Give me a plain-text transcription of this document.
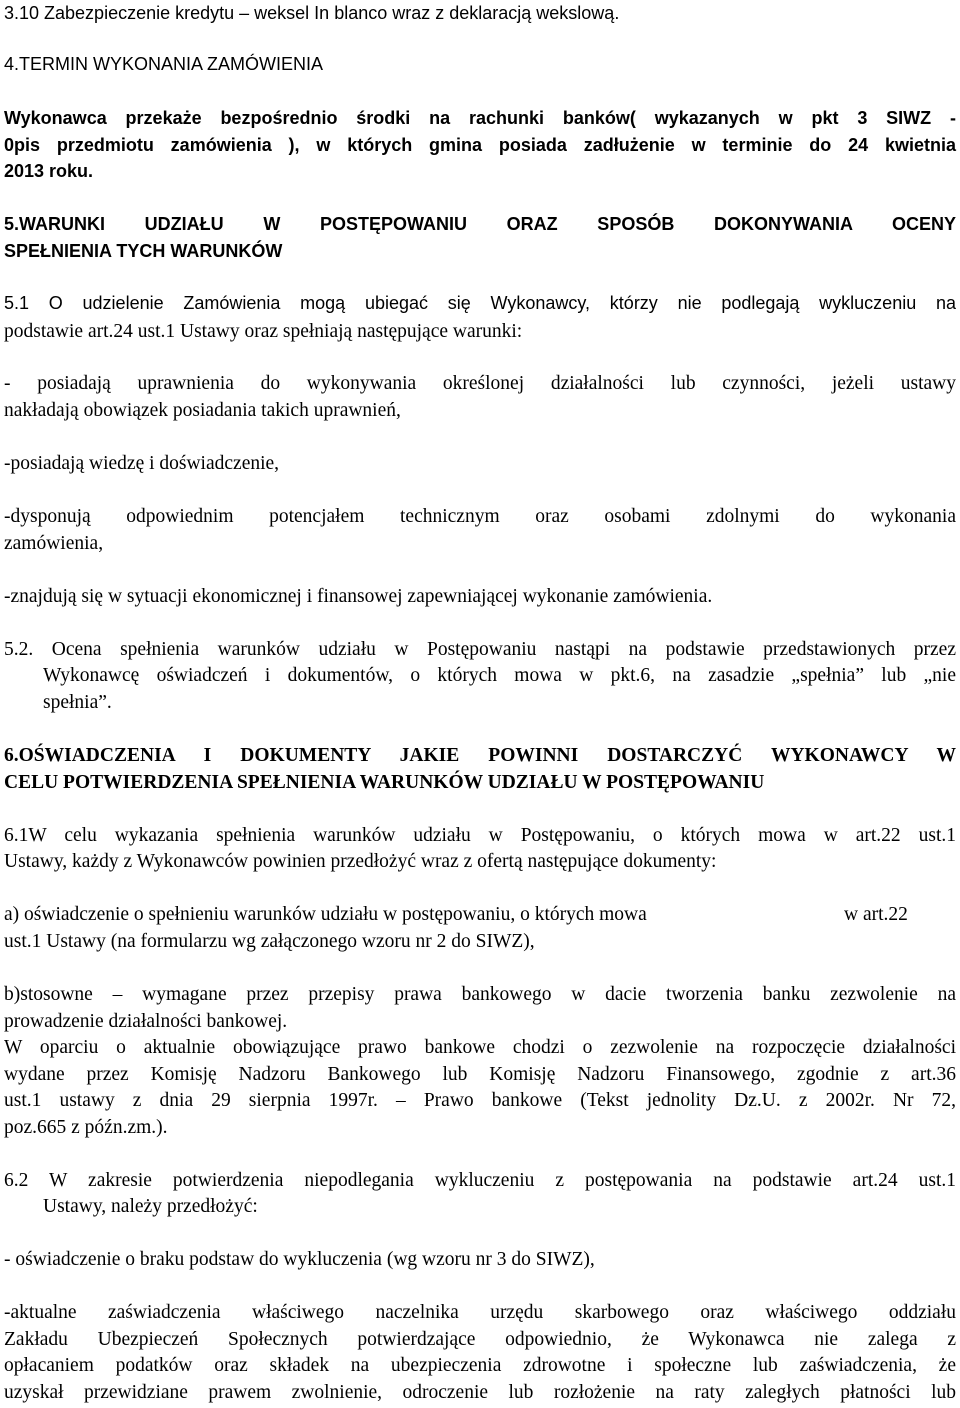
3.10 Zabezpieczenie kredytu – weksel In blanco wraz z deklaracją wekslową.
4.TERMIN WYKONANIA ZAMÓWIENIA
Wykonawca przekaże bezpośrednio środki na rachunki banków( wykazanych w pkt 3 SIWZ -
0pis przedmiotu zamówienia ), w których gmina posiada zadłużenie w terminie do 24 kwietnia
2013 roku.
5.WARUNKI UDZIAŁU W POSTĘPOWANIU ORAZ SPOSÓB DOKONYWANIA OCENY
SPEŁNIENIA TYCH WARUNKÓW
5.1 O udzielenie Zamówienia mogą ubiegać się Wykonawcy, którzy nie podlegają wykluczeniu na
podstawie art.24 ust.1 Ustawy oraz spełniają następujące warunki:
- posiadają uprawnienia do wykonywania określonej działalności lub czynności, jeżeli ustawy
nakładają obowiązek posiadania takich uprawnień,
-posiadają wiedzę i doświadczenie,
-dysponują odpowiednim potencjałem technicznym oraz osobami zdolnymi do wykonania
zamówienia,
-znajdują się w sytuacji ekonomicznej i finansowej zapewniającej wykonanie zamówienia.
5.2. Ocena spełnienia warunków udziału w Postępowaniu nastąpi na podstawie przedstawionych przez
Wykonawcę oświadczeń i dokumentów, o których mowa w pkt.6, na zasadzie „spełnia” lub „nie
spełnia”.
6.OŚWIADCZENIA I DOKUMENTY JAKIE POWINNI DOSTARCZYĆ WYKONAWCY W
CELU POTWIERDZENIA SPEŁNIENIA WARUNKÓW UDZIAŁU W POSTĘPOWANIU
6.1W celu wykazania spełnienia warunków udziału w Postępowaniu, o których mowa w art.22 ust.1
Ustawy, każdy z Wykonawców powinien przedłożyć wraz z ofertą następujące dokumenty:
a) oświadczenie o spełnieniu warunków udziału w postępowaniu, o których mowa	w art.22
ust.1 Ustawy (na formularzu wg załączonego wzoru nr 2 do SIWZ),
b)stosowne – wymagane przez przepisy prawa bankowego w dacie tworzenia banku zezwolenie na
prowadzenie działalności bankowej.
W oparciu o aktualnie obowiązujące prawo bankowe chodzi o zezwolenie na rozpoczęcie działalności
wydane przez Komisję Nadzoru Bankowego lub Komisję Nadzoru Finansowego, zgodnie z art.36
ust.1 ustawy z dnia 29 sierpnia 1997r. – Prawo bankowe (Tekst jednolity Dz.U. z 2002r. Nr 72,
poz.665 z późn.zm.).
6.2 W zakresie potwierdzenia niepodlegania wykluczeniu z postępowania na podstawie art.24 ust.1
Ustawy, należy przedłożyć:
- oświadczenie o braku podstaw do wykluczenia (wg wzoru nr 3 do SIWZ),
-aktualne zaświadczenia właściwego naczelnika urzędu skarbowego oraz właściwego oddziału
Zakładu Ubezpieczeń Społecznych potwierdzające odpowiednio, że Wykonawca nie zalega z
opłacaniem podatków oraz składek na ubezpieczenia zdrowotne i społeczne lub zaświadczenia, że
uzyskał przewidziane prawem zwolnienie, odroczenie lub rozłożenie na raty zaległych płatności lub
